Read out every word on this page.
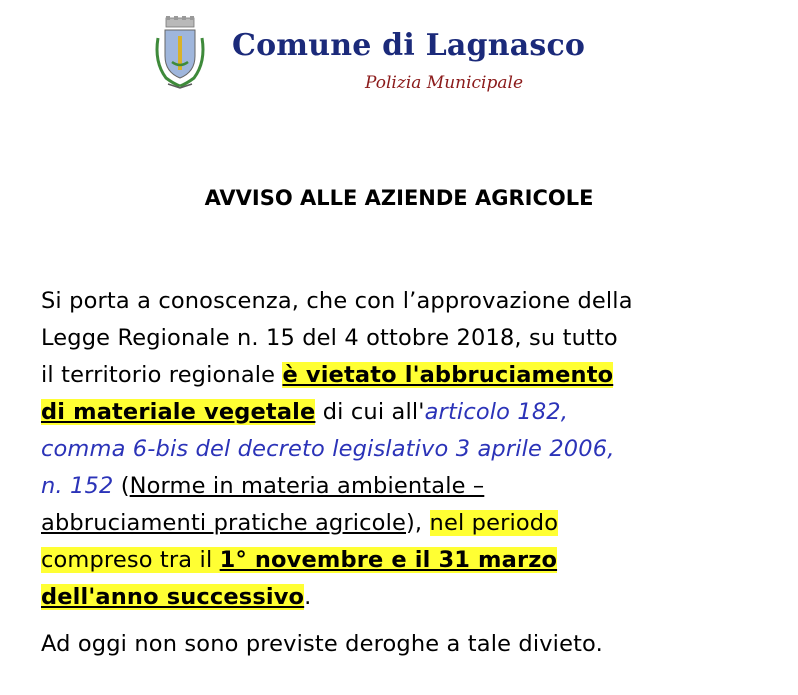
Comune di Lagnasco
Polizia Municipale
AVVISO ALLE AZIENDE AGRICOLE
Si porta a conoscenza, che con l’approvazione della
Legge Regionale n. 15 del 4 ottobre 2018, su tutto
il territorio regionale è vietato l'abbruciamento
di materiale vegetale di cui all'articolo 182,
comma 6-bis del decreto legislativo 3 aprile 2006,
n. 152 (Norme in materia ambientale –
abbruciamenti pratiche agricole), nel periodo
compreso tra il 1° novembre e il 31 marzo
dell'anno successivo.
Ad oggi non sono previste deroghe a tale divieto.
